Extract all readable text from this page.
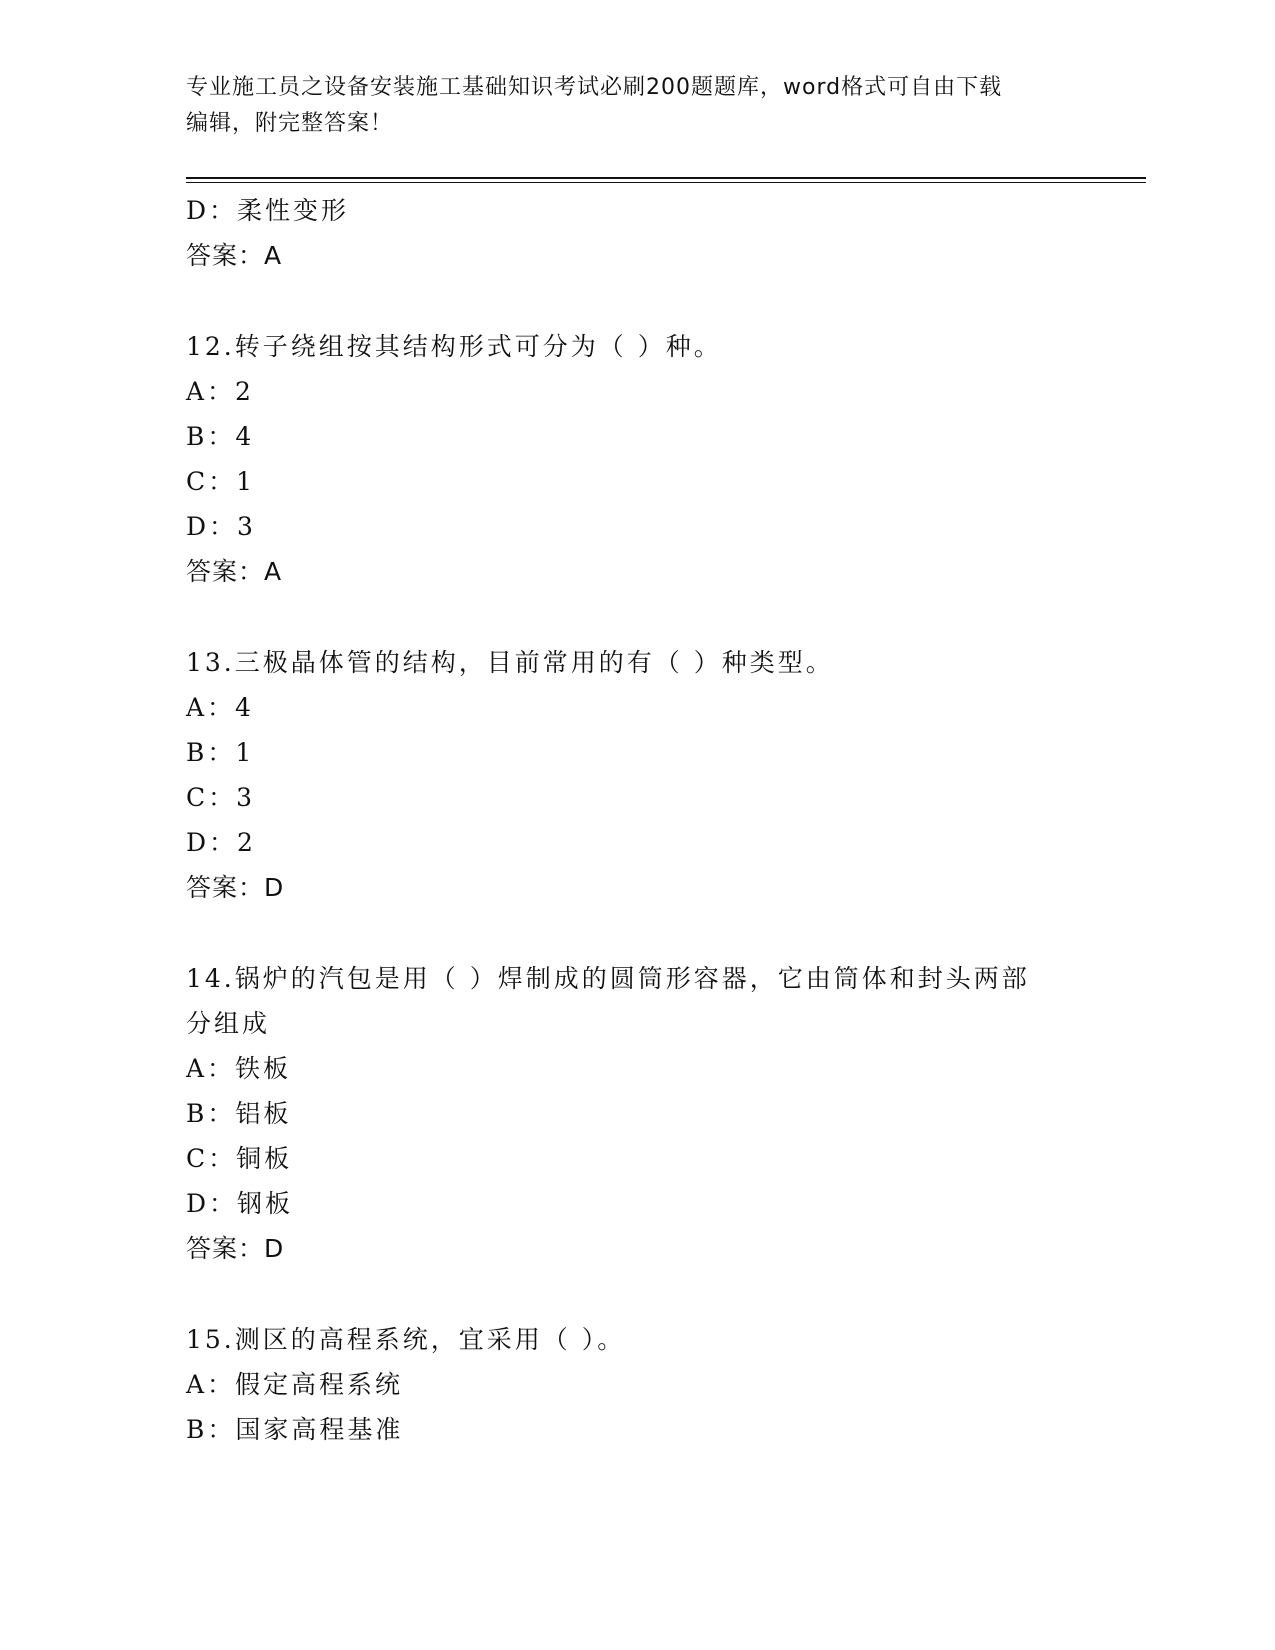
专业施工员之设备安装施工基础知识考试必刷200题题库，word格式可自由下载
编辑，附完整答案！
D：柔性变形
答案：A
12.转子绕组按其结构形式可分为（ ）种。
A：2
B：4
C：1
D：3
答案：A
13.三极晶体管的结构，目前常用的有（ ）种类型。
A：4
B：1
C：3
D：2
答案：D
14.锅炉的汽包是用（ ）焊制成的圆筒形容器，它由筒体和封头两部
分组成
A：铁板
B：铝板
C：铜板
D：钢板
答案：D
15.测区的高程系统，宜采用（ ）。
A：假定高程系统
B：国家高程基准
